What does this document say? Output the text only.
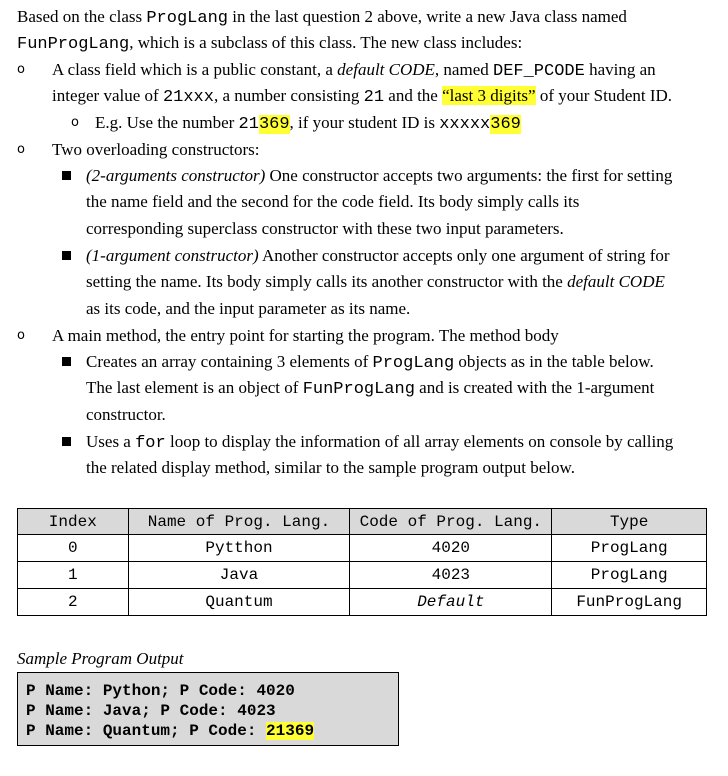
Based on the class ProgLang in the last question 2 above, write a new Java class named
FunProgLang, which is a subclass of this class. The new class includes:
o A class field which is a public constant, a default CODE, named DEF_PCODE having an
integer value of 21xxx, a number consisting 21 and the “last 3 digits” of your Student ID.
o E.g. Use the number 21369, if your student ID is xxxxx369
o Two overloading constructors:
(2-arguments constructor) One constructor accepts two arguments: the first for setting
the name field and the second for the code field. Its body simply calls its
corresponding superclass constructor with these two input parameters.
(1-argument constructor) Another constructor accepts only one argument of string for
setting the name. Its body simply calls its another constructor with the default CODE
as its code, and the input parameter as its name.
o A main method, the entry point for starting the program. The method body
Creates an array containing 3 elements of ProgLang objects as in the table below.
The last element is an object of FunProgLang and is created with the 1-argument
constructor.
Uses a for loop to display the information of all array elements on console by calling
the related display method, similar to the sample program output below.
Index	Name of Prog. Lang.	Code of Prog. Lang.	Type
0	Pytthon	4020	ProgLang
1	Java	4023	ProgLang
2	Quantum	Default	FunProgLang
Sample Program Output
P Name: Python; P Code: 4020
P Name: Java; P Code: 4023
P Name: Quantum; P Code: 21369
